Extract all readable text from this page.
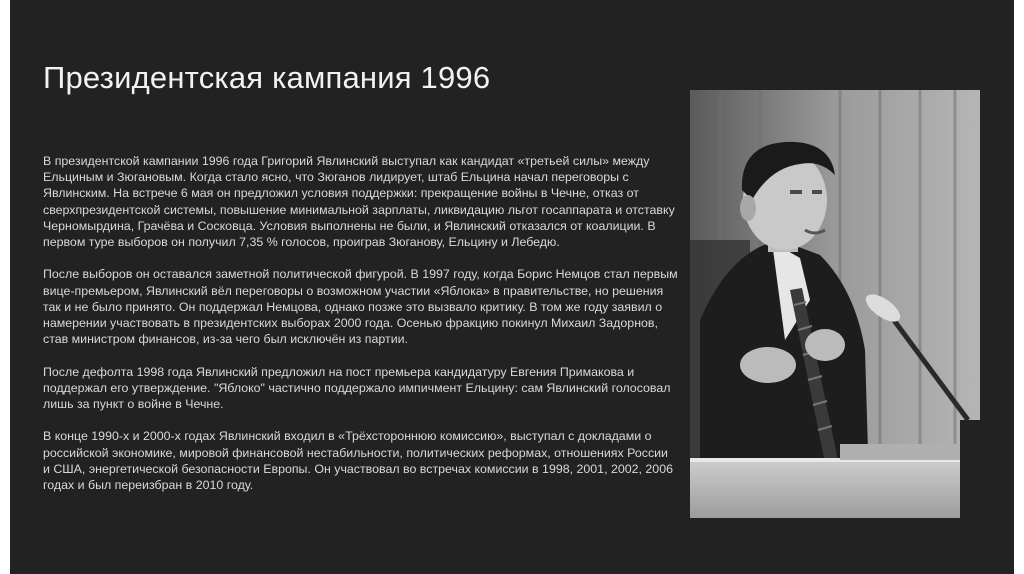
Президентская кампания 1996

В президентской кампании 1996 года Григорий Явлинский выступал как кандидат «третьей силы» между Ельциным и Зюгановым. Когда стало ясно, что Зюганов лидирует, штаб Ельцина начал переговоры с Явлинским. На встрече 6 мая он предложил условия поддержки: прекращение войны в Чечне, отказ от сверхпрезидентской системы, повышение минимальной зарплаты, ликвидацию льгот госаппарата и отставку Черномырдина, Грачёва и Сосковца. Условия выполнены не были, и Явлинский отказался от коалиции. В первом туре выборов он получил 7,35 % голосов, проиграв Зюганову, Ельцину и Лебедю.

После выборов он оставался заметной политической фигурой. В 1997 году, когда Борис Немцов стал первым вице-премьером, Явлинский вёл переговоры о возможном участии «Яблока» в правительстве, но решения так и не было принято. Он поддержал Немцова, однако позже это вызвало критику. В том же году заявил о намерении участвовать в президентских выборах 2000 года. Осенью фракцию покинул Михаил Задорнов, став министром финансов, из-за чего был исключён из партии.

После дефолта 1998 года Явлинский предложил на пост премьера кандидатуру Евгения Примакова и поддержал его утверждение. "Яблоко" частично поддержало импичмент Ельцину: сам Явлинский голосовал лишь за пункт о войне в Чечне.

В конце 1990-х и 2000-х годах Явлинский входил в «Трёхстороннюю комиссию», выступал с докладами о российской экономике, мировой финансовой нестабильности, политических реформах, отношениях России и США, энергетической безопасности Европы. Он участвовал во встречах комиссии в 1998, 2001, 2002, 2006 годах и был переизбран в 2010 году.
